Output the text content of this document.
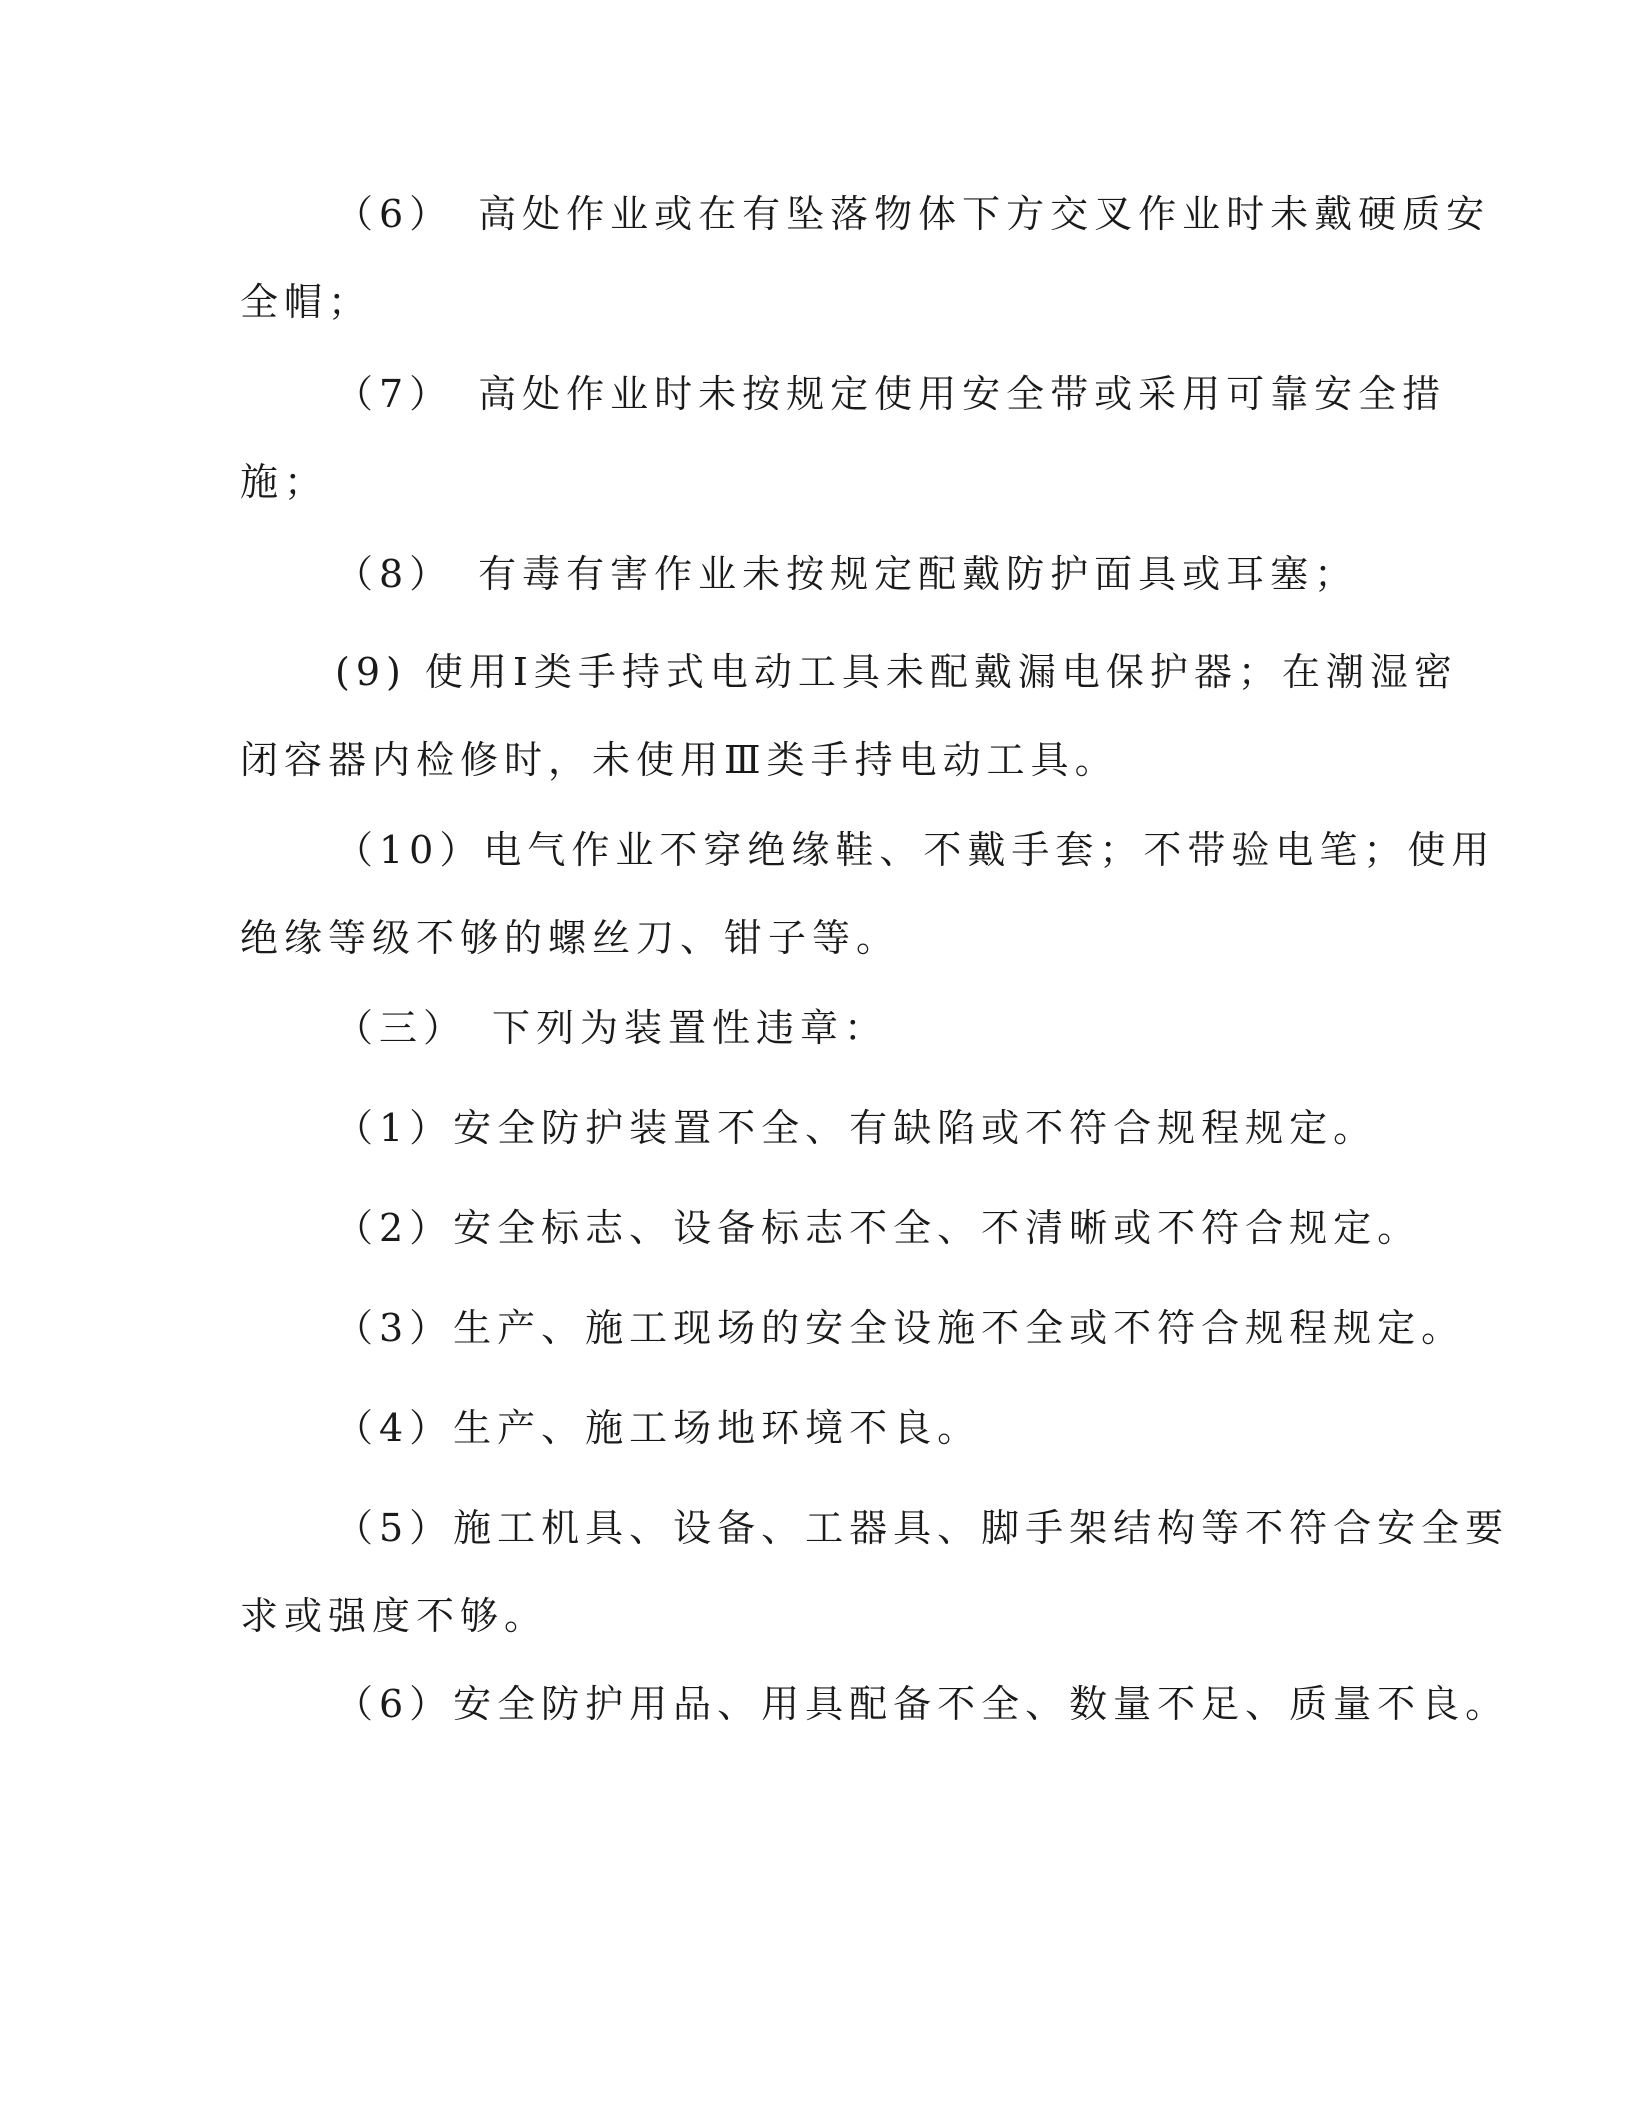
（6）　高处作业或在有坠落物体下方交叉作业时未戴硬质安
全帽；
（7）　高处作业时未按规定使用安全带或采用可靠安全措
施；
（8）　有毒有害作业未按规定配戴防护面具或耳塞；
(9) 使用Ⅰ类手持式电动工具未配戴漏电保护器；在潮湿密
闭容器内检修时，未使用Ⅲ类手持电动工具。
（10）电气作业不穿绝缘鞋、不戴手套；不带验电笔；使用
绝缘等级不够的螺丝刀、钳子等。
（三）　下列为装置性违章：
（1）安全防护装置不全、有缺陷或不符合规程规定。
（2）安全标志、设备标志不全、不清晰或不符合规定。
（3）生产、施工现场的安全设施不全或不符合规程规定。
（4）生产、施工场地环境不良。
（5）施工机具、设备、工器具、脚手架结构等不符合安全要
求或强度不够。
（6）安全防护用品、用具配备不全、数量不足、质量不良。
